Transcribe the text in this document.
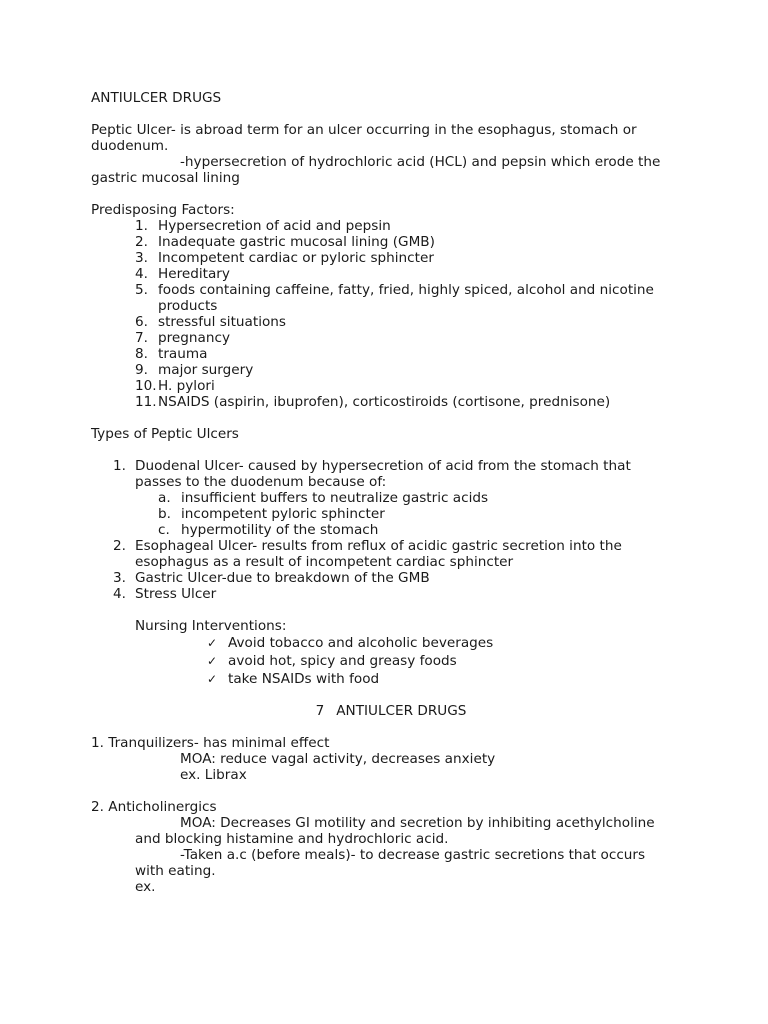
ANTIULCER DRUGS

Peptic Ulcer- is abroad term for an ulcer occurring in the esophagus, stomach or duodenum.
-hypersecretion of hydrochloric acid (HCL) and pepsin which erode the gastric mucosal lining

Predisposing Factors:

1. Hypersecretion of acid and pepsin
2. Inadequate gastric mucosal lining (GMB)
3. Incompetent cardiac or pyloric sphincter
4. Hereditary
5. foods containing caffeine, fatty, fried, highly spiced, alcohol and nicotine products
6. stressful situations
7. pregnancy
8. trauma
9. major surgery
10. H. pylori
11. NSAIDS (aspirin, ibuprofen), corticostiroids (cortisone, prednisone)

Types of Peptic Ulcers

1. Duodenal Ulcer- caused by hypersecretion of acid from the stomach that passes to the duodenum because of:
a. insufficient buffers to neutralize gastric acids
b. incompetent pyloric sphincter
c. hypermotility of the stomach
2. Esophageal Ulcer- results from reflux of acidic gastric secretion into the esophagus as a result of incompetent cardiac sphincter
3. Gastric Ulcer-due to breakdown of the GMB
4. Stress Ulcer

Nursing Interventions:

✓ Avoid tobacco and alcoholic beverages
✓ avoid hot, spicy and greasy foods
✓ take NSAIDs with food

7 ANTIULCER DRUGS

1. Tranquilizers- has minimal effect

MOA: reduce vagal activity, decreases anxiety

ex. Librax

2. Anticholinergics

MOA: Decreases GI motility and secretion by inhibiting acethylcholine

and blocking histamine and hydrochloric acid.

-Taken a.c (before meals)- to decrease gastric secretions that occurs

with eating.

ex.
